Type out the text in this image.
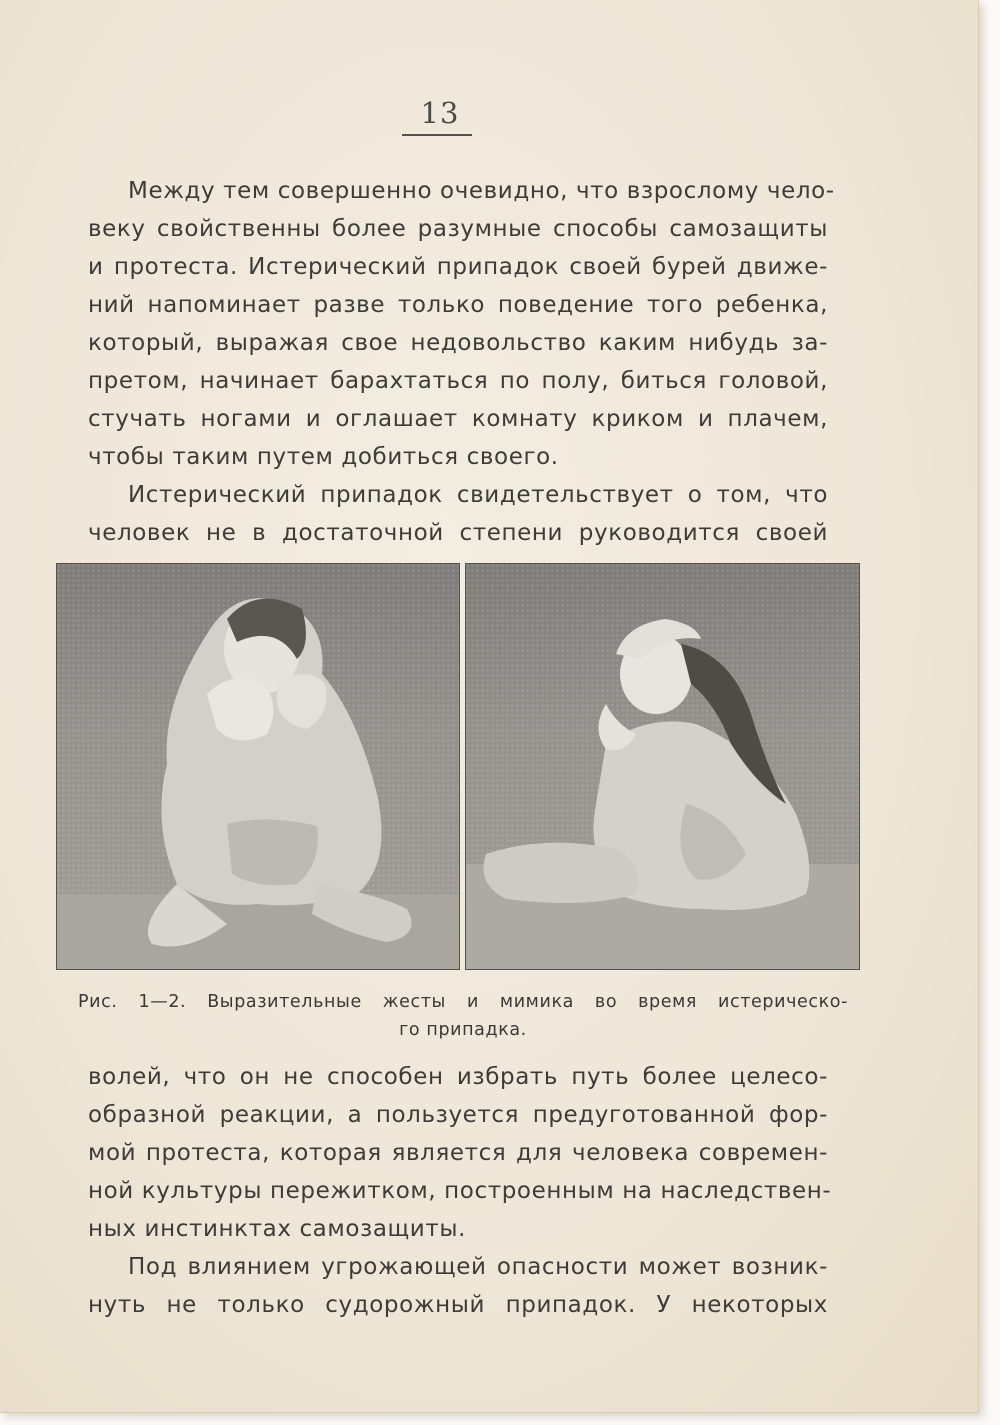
13
Между тем совершенно очевидно, что взрослому чело-
веку свойственны более разумные способы самозащиты
и протеста. Истерический припадок своей бурей движе-
ний напоминает разве только поведение того ребенка,
который, выражая свое недовольство каким нибудь за-
претом, начинает барахтаться по полу, биться головой,
стучать ногами и оглашает комнату криком и плачем,
чтобы таким путем добиться своего.
Истерический припадок свидетельствует о том, что
человек не в достаточной степени руководится своей
Рис. 1—2. Выразительные жесты и мимика во время истерическо-
го припадка.
волей, что он не способен избрать путь более целесо-
образной реакции, а пользуется предуготованной фор-
мой протеста, которая является для человека современ-
ной культуры пережитком, построенным на наследствен-
ных инстинктах самозащиты.
Под влиянием угрожающей опасности может возник-
нуть не только судорожный припадок. У некоторых
